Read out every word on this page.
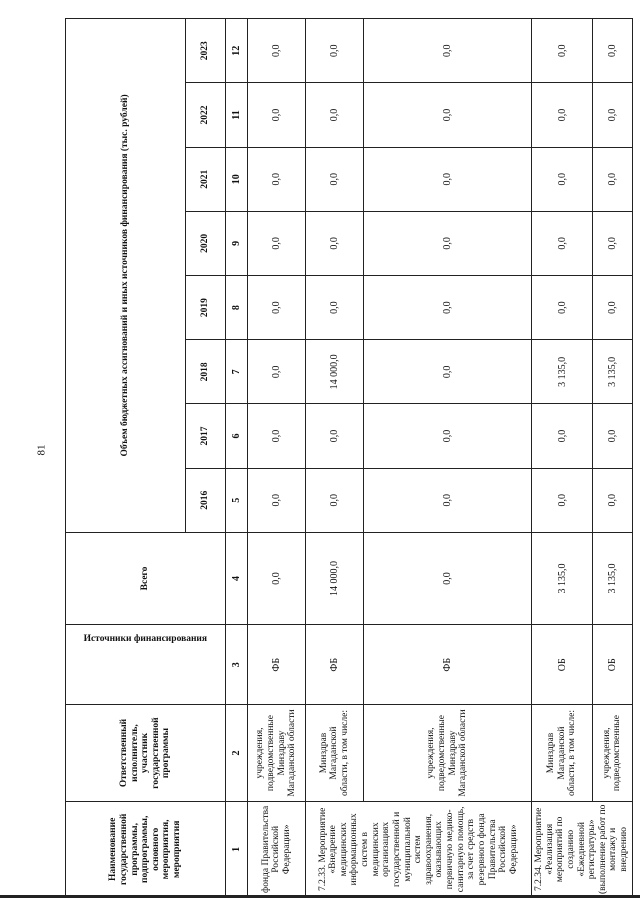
81
Наименование государственной программы, подпрограммы, основного мероприятия, мероприятия	Ответственный исполнитель, участник государственной программы	Источники финансирования	Всего	Объем бюджетных ассигнований и иных источников финансирования (тыс. рублей)							
				2016	2017	2018	2019	2020	2021	2022	2023
1	2	3	4	5	6	7	8	9	10	11	12
фонда Правительства Российской Федерации»	учреждения, подведомственные Минздраву Магаданской области	ФБ	0,0	0,0	0,0	0,0	0,0	0,0	0,0	0,0	0,0
7.2.33. Мероприятие «Внедрение медицинских информационных систем в медицинских организациях государственной и муниципальной систем здравоохранения, оказывающих первичную медико-санитарную помощь, за счет средств резервного фонда Правительства Российской Федерации»	Минздрав Магаданской области, в том числе:	ФБ	14 000,0	0,0	0,0	14 000,0	0,0	0,0	0,0	0,0	0,0
	учреждения, подведомственные Минздраву Магаданской области	ФБ	0,0	0,0	0,0	0,0	0,0	0,0	0,0	0,0	0,0
7.2.34. Мероприятие «Реализация мероприятий по созданию «Ежедневной регистратуры» (выполнение работ по монтажу и внедрению	Минздрав Магаданской области, в том числе:	ОБ	3 135,0	0,0	0,0	3 135,0	0,0	0,0	0,0	0,0	0,0
	учреждения, подведомственные	ОБ	3 135,0	0,0	0,0	3 135,0	0,0	0,0	0,0	0,0	0,0
